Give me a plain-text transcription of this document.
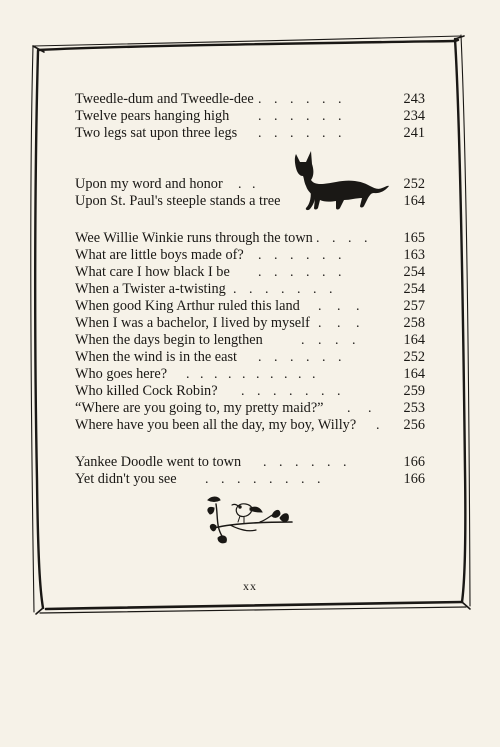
Tweedle-dum and Tweedle-dee . . . . . .	243
Twelve pears hanging high . . . . . .	234
Two legs sat upon three legs . . . . . .	241
Upon my word and honor . .	252
Upon St. Paul's steeple stands a tree	164
Wee Willie Winkie runs through the town . . . .	165
What are little boys made of? . . . . . .	163
What care I how black I be . . . . . .	254
When a Twister a-twisting . . . . . . .	254
When good King Arthur ruled this land . . .	257
When I was a bachelor, I lived by myself . . .	258
When the days begin to lengthen	. . . .	164
When the wind is in the east . . . . . .	252
Who goes here? . . . . . . . . . .	164
Who killed Cock Robin? . . . . . . .	259
“Where are you going to, my pretty maid?” . .	253
Where have you been all the day, my boy, Willy? .	256
Yankee Doodle went to town . . . . . .	166
Yet didn't you see . . . . . . . .	166
xx
